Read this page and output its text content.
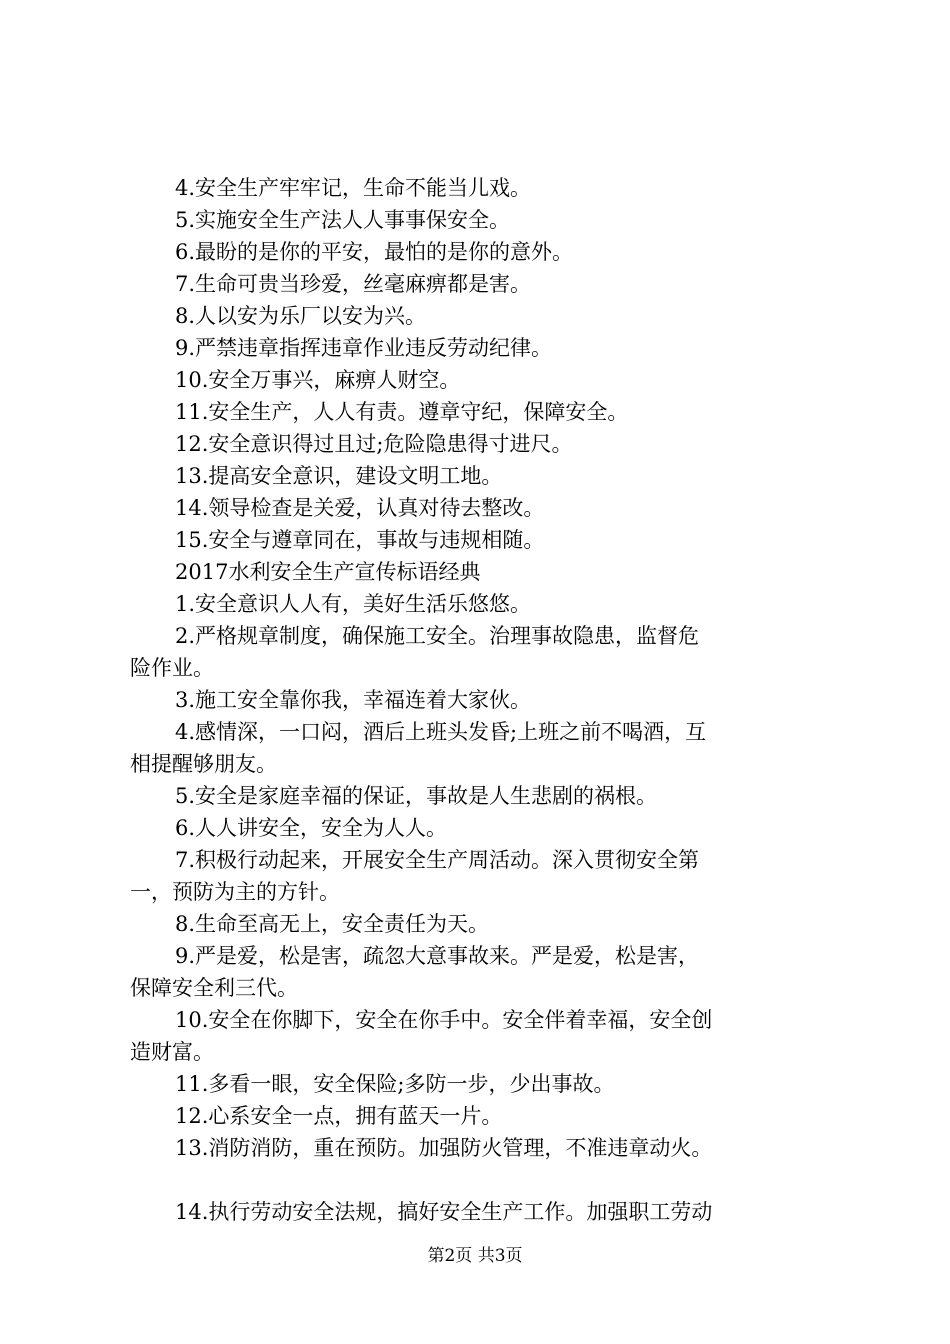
4.安全生产牢牢记，生命不能当儿戏。
5.实施安全生产法人人事事保安全。
6.最盼的是你的平安，最怕的是你的意外。
7.生命可贵当珍爱，丝毫麻痹都是害。
8.人以安为乐厂以安为兴。
9.严禁违章指挥违章作业违反劳动纪律。
10.安全万事兴，麻痹人财空。
11.安全生产，人人有责。遵章守纪，保障安全。
12.安全意识得过且过;危险隐患得寸进尺。
13.提高安全意识，建设文明工地。
14.领导检查是关爱，认真对待去整改。
15.安全与遵章同在，事故与违规相随。
2017水利安全生产宣传标语经典
1.安全意识人人有，美好生活乐悠悠。
2.严格规章制度，确保施工安全。治理事故隐患，监督危
险作业。
3.施工安全靠你我，幸福连着大家伙。
4.感情深，一口闷，酒后上班头发昏;上班之前不喝酒，互
相提醒够朋友。
5.安全是家庭幸福的保证，事故是人生悲剧的祸根。
6.人人讲安全，安全为人人。
7.积极行动起来，开展安全生产周活动。深入贯彻安全第
一，预防为主的方针。
8.生命至高无上，安全责任为天。
9.严是爱，松是害，疏忽大意事故来。严是爱，松是害，
保障安全利三代。
10.安全在你脚下，安全在你手中。安全伴着幸福，安全创
造财富。
11.多看一眼，安全保险;多防一步，少出事故。
12.心系安全一点，拥有蓝天一片。
13.消防消防，重在预防。加强防火管理，不准违章动火。
14.执行劳动安全法规，搞好安全生产工作。加强职工劳动
第2页 共3页
